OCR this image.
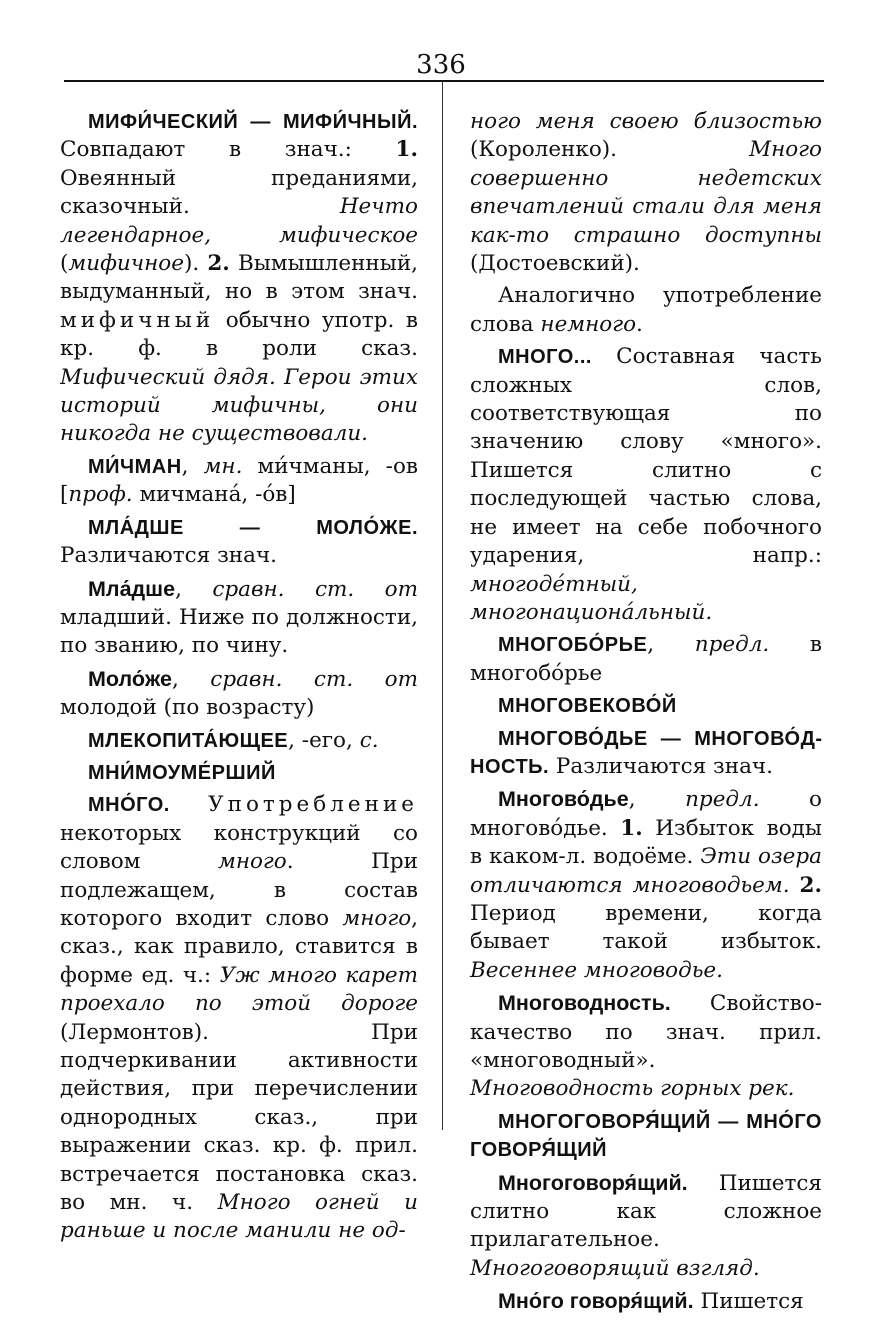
336

МИФИ́ЧЕСКИЙ — МИФИ́ЧНЫЙ. Совпадают в знач.: 1. Овеянный преданиями, сказочный. Нечто легендарное, мифическое (мифичное). 2. Вымышленный, выдуманный, но в этом знач. мифичный обычно употр. в кр. ф. в роли сказ. Мифический дядя. Герои этих историй мифичны, они никогда не существовали.

МИ́ЧМАН, мн. ми́чманы, -ов [проф. мичмана́, -о́в]

МЛА́ДШЕ — МОЛО́ЖЕ. Различаются знач.

Мла́дше, сравн. ст. от младший. Ниже по должности, по званию, по чину.

Моло́же, сравн. ст. от молодой (по возрасту)

МЛЕКОПИТА́ЮЩЕЕ, -его, с.

МНИ́МОУМЕ́РШИЙ

МНО́ГО. Употребление некоторых конструкций со словом много. При подлежащем, в состав которого входит слово много, сказ., как правило, ставится в форме ед. ч.: Уж много карет проехало по этой дороге (Лермонтов). При подчеркивании активности действия, при перечислении однородных сказ., при выражении сказ. кр. ф. прил. встречается постановка сказ. во мн. ч. Много огней и раньше и после манили не од-

ного меня своею близостью (Короленко). Много совершенно недетских впечатлений стали для меня как-то страшно доступны (Достоевский).

Аналогично употребление слова немного.

МНОГО... Составная часть сложных слов, соответствующая по значению слову «много». Пишется слитно с последующей частью слова, не имеет на себе побочного ударения, напр.: многоде́тный, многонациона́льный.

МНОГОБО́РЬЕ, предл. в многобо́рье

МНОГОВЕКОВО́Й

МНОГОВО́ДЬЕ — МНОГОВО́ДНОСТЬ. Различаются знач.

Многово́дье, предл. о многово́дье. 1. Избыток воды в каком-л. водоёме. Эти озера отличаются многоводьем. 2. Период времени, когда бывает такой избыток. Весеннее многоводье.

Многоводность. Свойство-качество по знач. прил. «многоводный». Многоводность горных рек.

МНОГОГОВОРЯ́ЩИЙ — МНО́ГО ГОВОРЯ́ЩИЙ

Многоговоря́щий. Пишется слитно как сложное прилагательное. Многоговорящий взгляд.

Мно́го говоря́щий. Пишется
